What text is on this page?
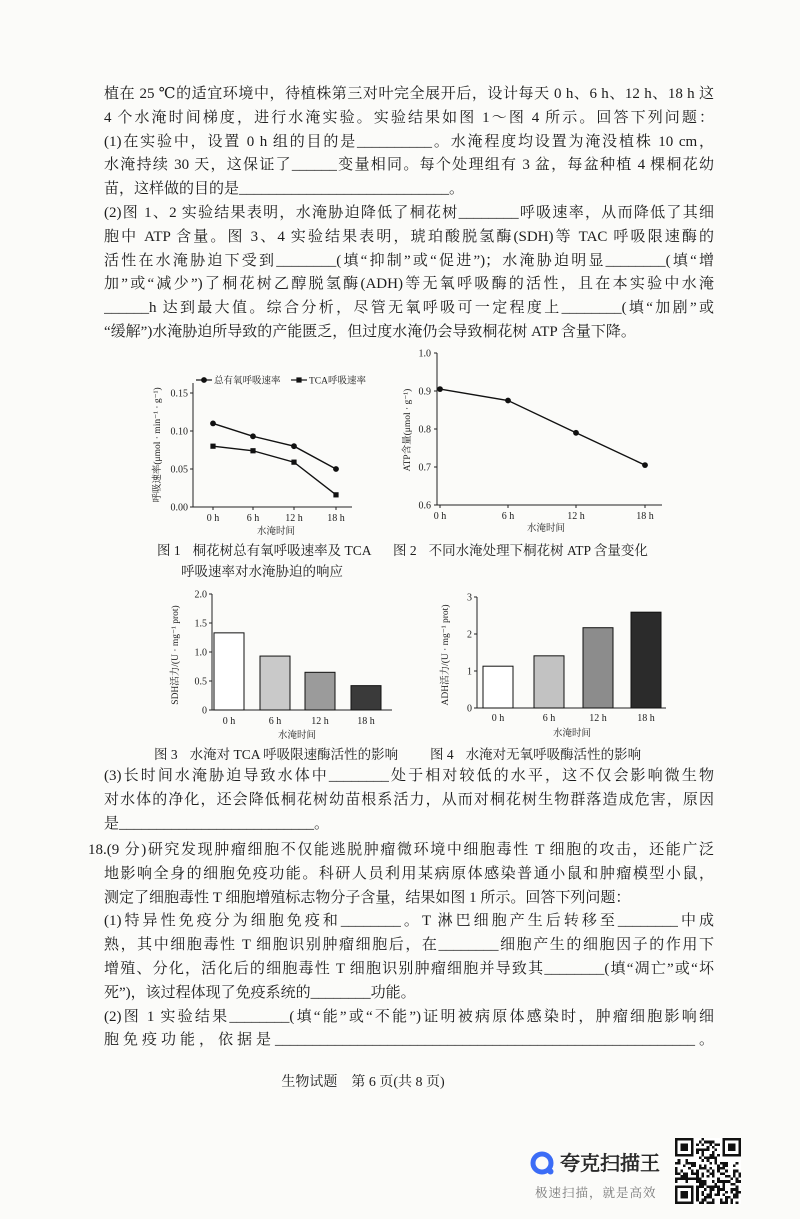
植在 25 ℃的适宜环境中，待植株第三对叶完全展开后，设计每天 0 h、6 h、12 h、18 h 这
4 个水淹时间梯度，进行水淹实验。实验结果如图 1～图 4 所示。回答下列问题：
(1)在实验中，设置 0 h 组的目的是__________。水淹程度均设置为淹没植株 10 cm，
水淹持续 30 天，这保证了______变量相同。每个处理组有 3 盆，每盆种植 4 棵桐花幼
苗，这样做的目的是____________________________。
(2)图 1、2 实验结果表明，水淹胁迫降低了桐花树________呼吸速率，从而降低了其细
胞中 ATP 含量。图 3、4 实验结果表明，琥珀酸脱氢酶(SDH)等 TAC 呼吸限速酶的
活性在水淹胁迫下受到________(填“抑制”或“促进”)；水淹胁迫明显________(填“增
加”或“减少”)了桐花树乙醇脱氢酶(ADH)等无氧呼吸酶的活性，且在本实验中水淹
______h 达到最大值。综合分析，尽管无氧呼吸可一定程度上________(填“加剧”或
“缓解”)水淹胁迫所导致的产能匮乏，但过度水淹仍会导致桐花树 ATP 含量下降。
0.00
0.05
0.10
0.15
0 h	6 h	12 h 18 h
水淹时间
呼吸速率(μmol · min⁻¹ · g⁻¹)
总有氧呼吸速率	TCA呼吸速率
0.6
0.7
0.8
0.9
1.0
0 h	6 h	12 h	18 h
水淹时间
ATP含量(μmol · g⁻¹)
0
0.5
1.0
1.5
2.0
0 h	6 h	12 h	18 h
水淹时间
SDH活力/(U · mg⁻¹ prot)
0
1
2
3
0 h	6 h	12 h	18 h
水淹时间
ADH活力/(U · mg⁻¹ prot)
图 1 桐花树总有氧呼吸速率及 TCA
呼吸速率对水淹胁迫的响应
图 2 不同水淹处理下桐花树 ATP 含量变化
图 3 水淹对 TCA 呼吸限速酶活性的影响 图 4 水淹对无氧呼吸酶活性的影响
(3)长时间水淹胁迫导致水体中________处于相对较低的水平，这不仅会影响微生物
对水体的净化，还会降低桐花树幼苗根系活力，从而对桐花树生物群落造成危害，原因
是__________________________。
18.(9 分)研究发现肿瘤细胞不仅能逃脱肿瘤微环境中细胞毒性 T 细胞的攻击，还能广泛
地影响全身的细胞免疫功能。科研人员利用某病原体感染普通小鼠和肿瘤模型小鼠，
测定了细胞毒性 T 细胞增殖标志物分子含量，结果如图 1 所示。回答下列问题：
(1)特异性免疫分为细胞免疫和________。T 淋巴细胞产生后转移至________中成
熟，其中细胞毒性 T 细胞识别肿瘤细胞后，在________细胞产生的细胞因子的作用下
增殖、分化，活化后的细胞毒性 T 细胞识别肿瘤细胞并导致其________(填“凋亡”或“坏
死”)，该过程体现了免疫系统的________功能。
(2)图 1 实验结果________(填“能”或“不能”)证明被病原体感染时，肿瘤细胞影响细
胞免疫功能，依据是________________________________________________________。
生物试题 第 6 页(共 8 页)
夸克扫描王
极速扫描，就是高效
